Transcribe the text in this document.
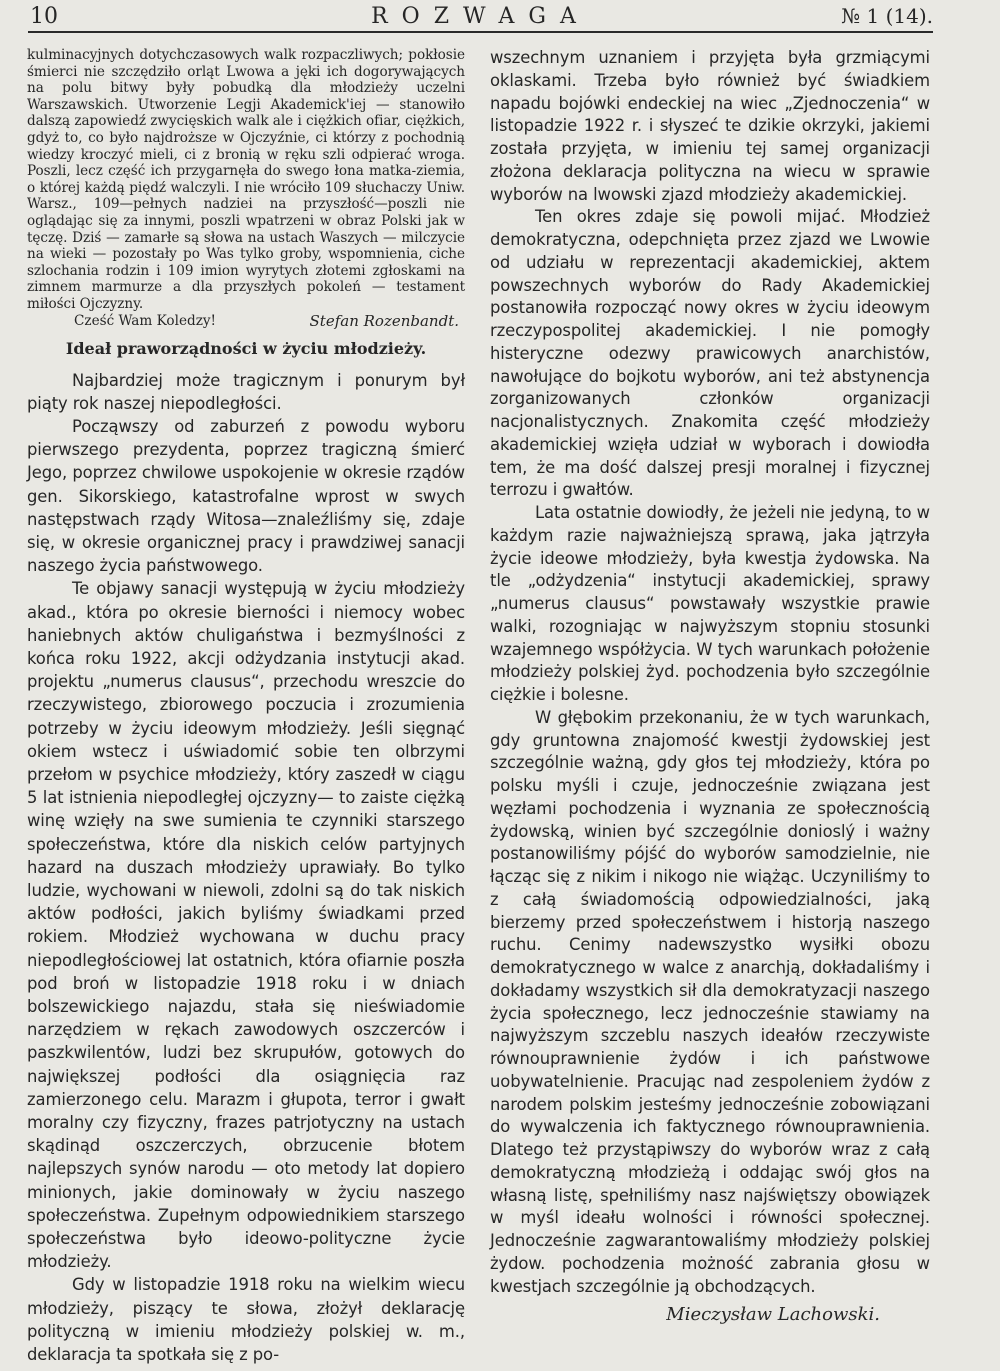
10	ROZWAGA	№ 1 (14).

kulminacyjnych dotychczasowych walk rozpaczliwych; pokłosie śmierci nie szczędziło orląt Lwowa a jęki ich dogorywających na polu bitwy były pobudką dla młodzieży uczelni Warszawskich. Utworzenie Legji Akademick'iej — stanowiło dalszą zapowiedź zwycięskich walk ale i ciężkich ofiar, ciężkich, gdyż to, co było najdroższe w Ojczyźnie, ci którzy z pochodnią wiedzy kroczyć mieli, ci z bronią w ręku szli odpierać wroga. Poszli, lecz część ich przygarnęła do swego łona matka-ziemia, o której każdą piędź walczyli. I nie wróciło 109 słuchaczy Uniw. Warsz., 109—pełnych nadziei na przyszłość—poszli nie oglądając się za innymi, poszli wpatrzeni w obraz Polski jak w tęczę. Dziś — zamarłe są słowa na ustach Waszych — milczycie na wieki — pozostały po Was tylko groby, wspomnienia, ciche szlochania rodzin i 109 imion wyrytych złotemi zgłoskami na zimnem marmurze a dla przyszłych pokoleń — testament miłości Ojczyzny.

Cześć Wam Koledzy!	Stefan Rozenbandt.
Ideał praworządności w życiu młodzieży.

Najbardziej może tragicznym i ponurym był piąty rok naszej niepodległości.

Począwszy od zaburzeń z powodu wyboru pierwszego prezydenta, poprzez tragiczną śmierć Jego, poprzez chwilowe uspokojenie w okresie rządów gen. Sikorskiego, katastrofalne wprost w swych następstwach rządy Witosa—znaleźliśmy się, zdaje się, w okresie organicznej pracy i prawdziwej sanacji naszego życia państwowego.

Te objawy sanacji występują w życiu młodzieży akad., która po okresie bierności i niemocy wobec haniebnych aktów chuligaństwa i bezmyślności z końca roku 1922, akcji odżydzania instytucji akad. projektu „numerus clausus“, przechodu wreszcie do rzeczywistego, zbiorowego poczucia i zrozumienia potrzeby w życiu ideowym młodzieży. Jeśli sięgnąć okiem wstecz i uświadomić sobie ten olbrzymi przełom w psychice młodzieży, który zaszedł w ciągu 5 lat istnienia niepodległej ojczyzny— to zaiste ciężką winę wzięły na swe sumienia te czynniki starszego społeczeństwa, które dla niskich celów partyjnych hazard na duszach młodzieży uprawiały. Bo tylko ludzie, wychowani w niewoli, zdolni są do tak niskich aktów podłości, jakich byliśmy świadkami przed rokiem. Młodzież wychowana w duchu pracy niepodległościowej lat ostatnich, która ofiarnie poszła pod broń w listopadzie 1918 roku i w dniach bolszewickiego najazdu, stała się nieświadomie narzędziem w rękach zawodowych oszczerców i paszkwilentów, ludzi bez skrupułów, gotowych do największej podłości dla osiągnięcia raz zamierzonego celu. Marazm i głupota, terror i gwałt moralny czy fizyczny, frazes patrjotyczny na ustach skądinąd oszczerczych, obrzucenie błotem najlepszych synów narodu — oto metody lat dopiero minionych, jakie dominowały w życiu naszego społeczeństwa. Zupełnym odpowiednikiem starszego społeczeństwa było ideowo-polityczne życie młodzieży.

Gdy w listopadzie 1918 roku na wielkim wiecu młodzieży, piszący te słowa, złożył deklarację polityczną w imieniu młodzieży polskiej w. m., deklaracja ta spotkała się z po-

wszechnym uznaniem i przyjęta była grzmiącymi oklaskami. Trzeba było również być świadkiem napadu bojówki endeckiej na wiec „Zjednoczenia“ w listopadzie 1922 r. i słyszeć te dzikie okrzyki, jakiemi została przyjęta, w imieniu tej samej organizacji złożona deklaracja polityczna na wiecu w sprawie wyborów na lwowski zjazd młodzieży akademickiej.

Ten okres zdaje się powoli mijać. Młodzież demokratyczna, odepchnięta przez zjazd we Lwowie od udziału w reprezentacji akademickiej, aktem powszechnych wyborów do Rady Akademickiej postanowiła rozpocząć nowy okres w życiu ideowym rzeczypospolitej akademickiej. I nie pomogły histeryczne odezwy prawicowych anarchistów, nawołujące do bojkotu wyborów, ani też abstynencja zorganizowanych członków organizacji nacjonalistycznych. Znakomita część młodzieży akademickiej wzięła udział w wyborach i dowiodła tem, że ma dość dalszej presji moralnej i fizycznej terrozu i gwałtów.

Lata ostatnie dowiodły, że jeżeli nie jedyną, to w każdym razie najważniejszą sprawą, jaka jątrzyła życie ideowe młodzieży, była kwestja żydowska. Na tle „odżydzenia“ instytucji akademickiej, sprawy „numerus clausus“ powstawały wszystkie prawie walki, rozogniając w najwyższym stopniu stosunki wzajemnego współżycia. W tych warunkach położenie młodzieży polskiej żyd. pochodzenia było szczególnie ciężkie i bolesne.

W głębokim przekonaniu, że w tych warunkach, gdy gruntowna znajomość kwestji żydowskiej jest szczególnie ważną, gdy głos tej młodzieży, która po polsku myśli i czuje, jednocześnie związana jest węzłami pochodzenia i wyznania ze społecznością żydowską, winien być szczególnie donioslý i ważny postanowiliśmy pójść do wyborów samodzielnie, nie łącząc się z nikim i nikogo nie wiążąc. Uczyniliśmy to z całą świadomością odpowiedzialności, jaką bierzemy przed społeczeństwem i historją naszego ruchu. Cenimy nadewszystko wysiłki obozu demokratycznego w walce z anarchją, dokładaliśmy i dokładamy wszystkich sił dla demokratyzacji naszego życia społecznego, lecz jednocześnie stawiamy na najwyższym szczeblu naszych ideałów rzeczywiste równouprawnienie żydów i ich państwowe uobywatelnienie. Pracując nad zespoleniem żydów z narodem polskim jesteśmy jednocześnie zobowiązani do wywalczenia ich faktycznego równouprawnienia. Dlatego też przystąpiwszy do wyborów wraz z całą demokratyczną młodzieżą i oddając swój głos na własną listę, spełniliśmy nasz najświętszy obowiązek w myśl ideału wolności i równości społecznej. Jednocześnie zagwarantowaliśmy młodzieży polskiej żydow. pochodzenia możność zabrania głosu w kwestjach szczególnie ją obchodzących.

Mieczysław Lachowski.
